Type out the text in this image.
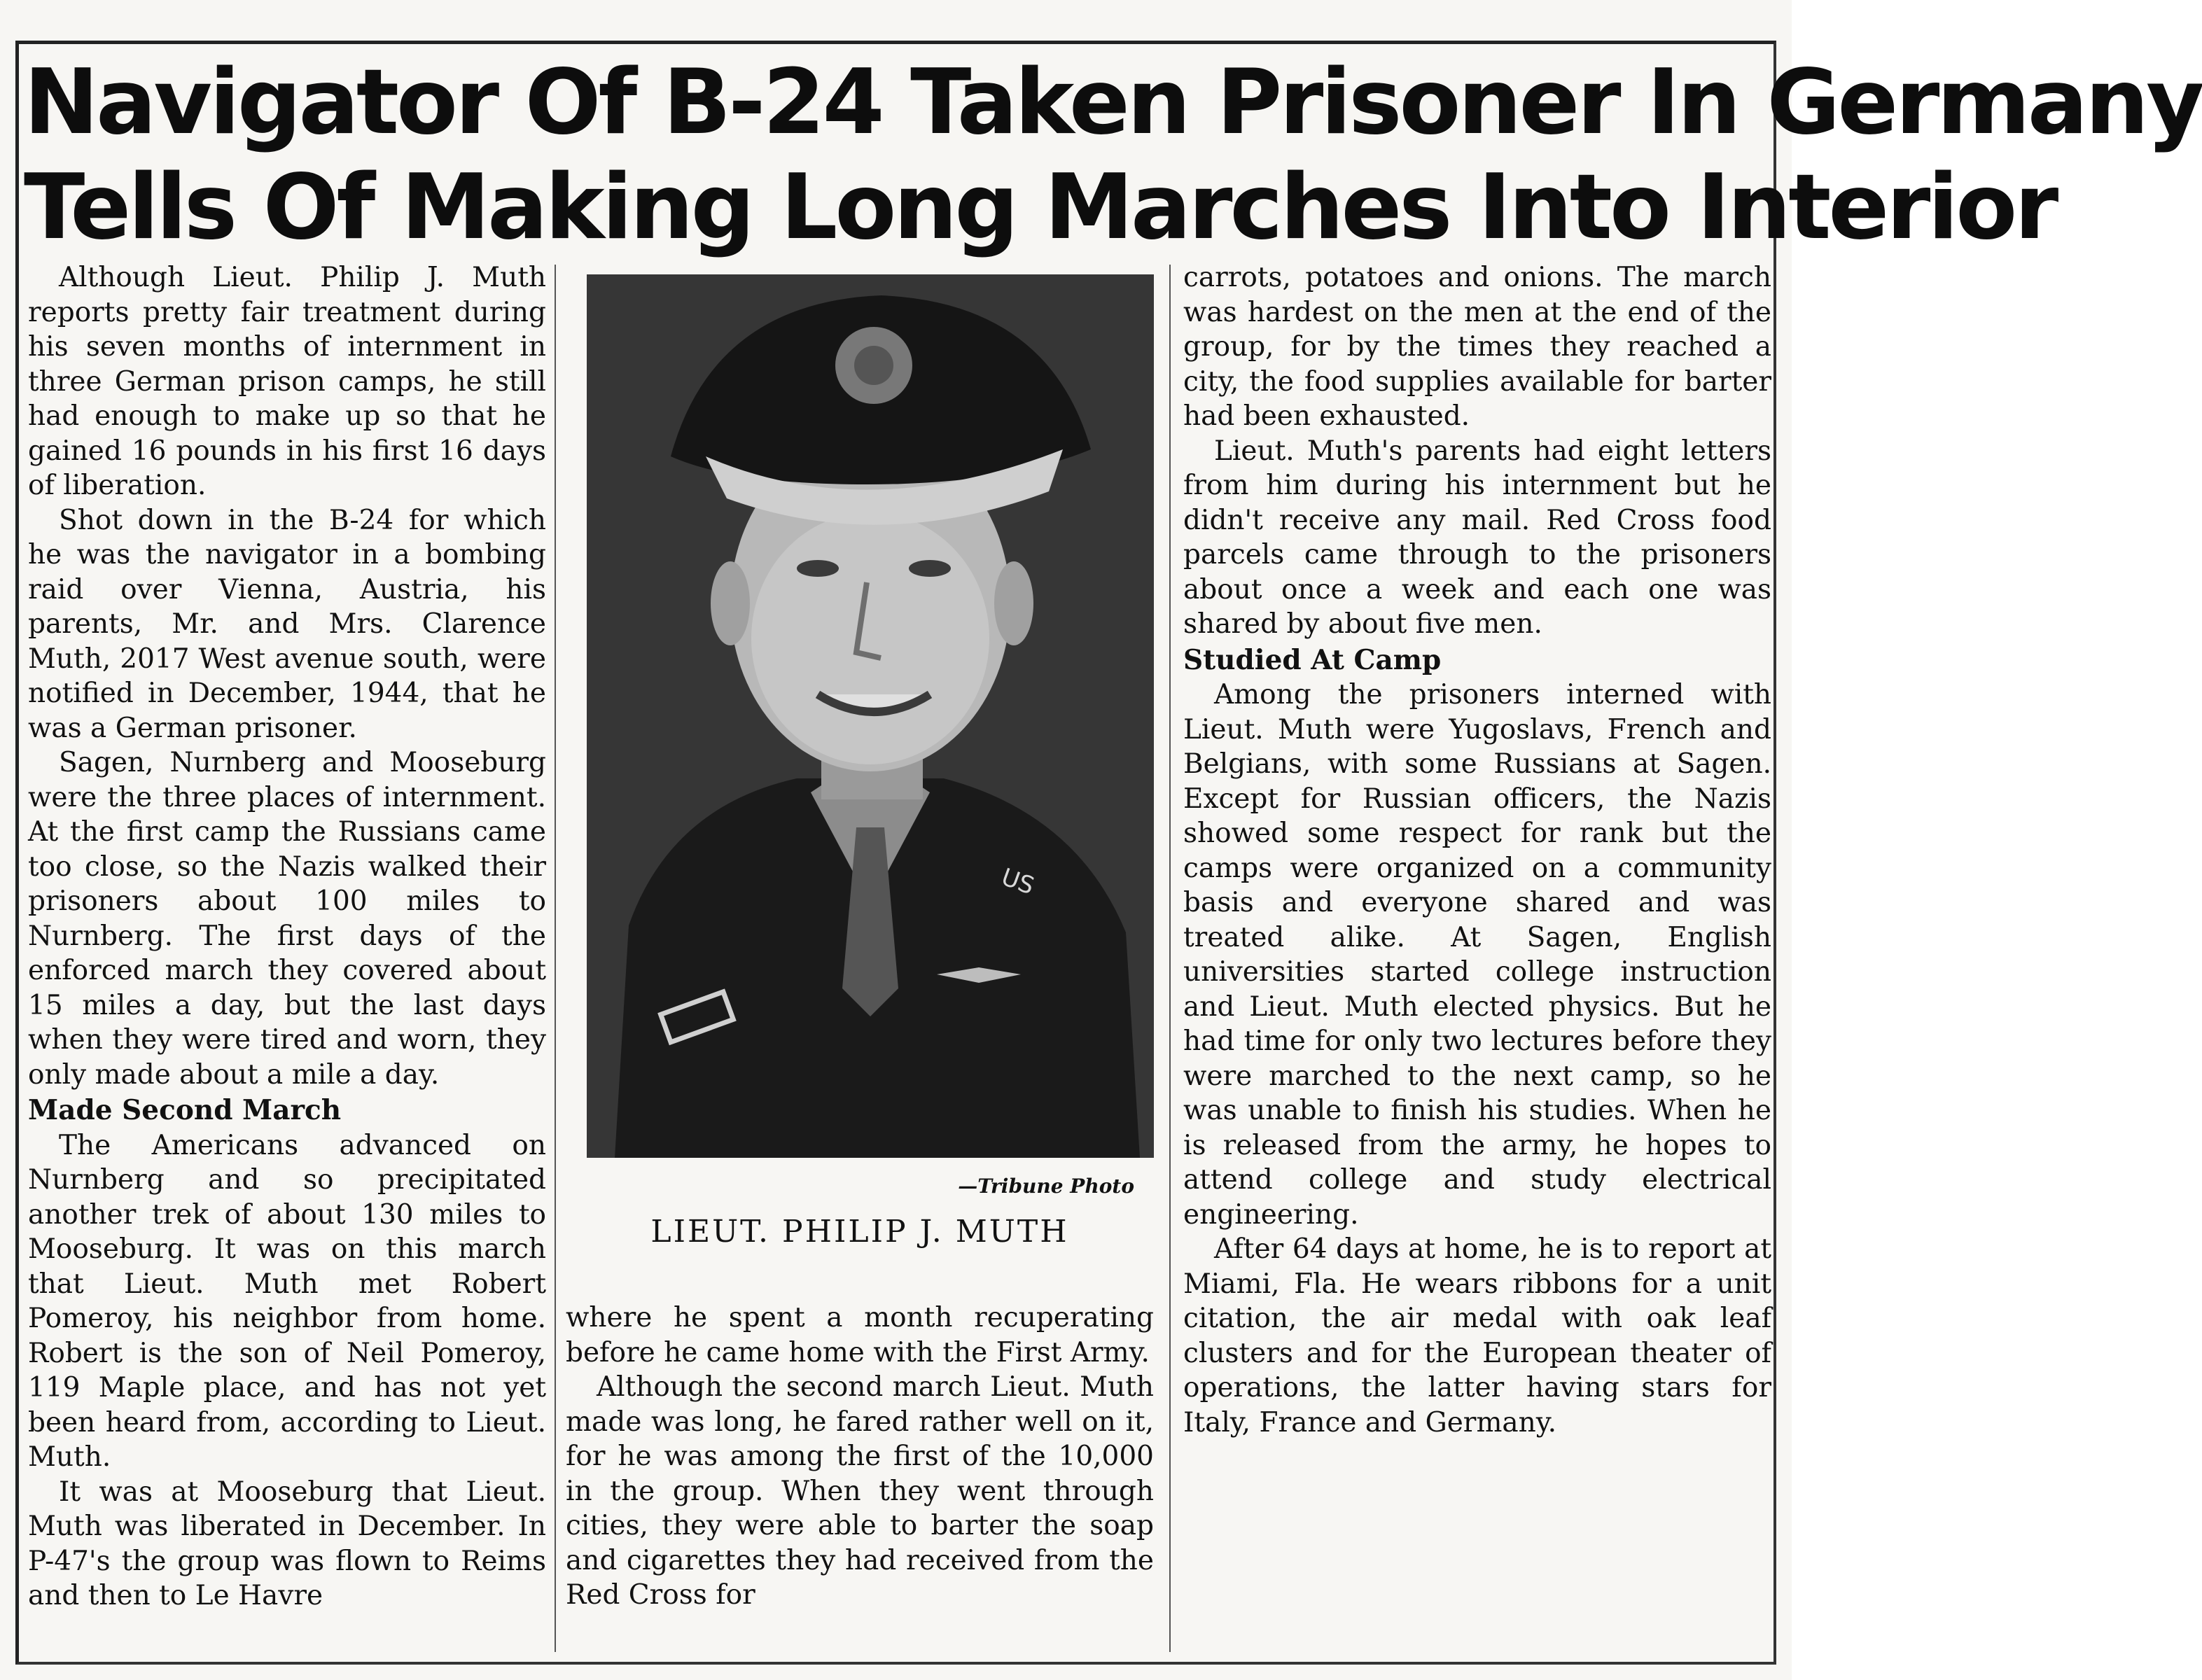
Navigator Of B-24 Taken Prisoner In Germany
Tells Of Making Long Marches Into Interior

Although Lieut. Philip J. Muth reports pretty fair treatment during his seven months of internment in three German prison camps, he still had enough to make up so that he gained 16 pounds in his first 16 days of liberation.

Shot down in the B-24 for which he was the navigator in a bombing raid over Vienna, Austria, his parents, Mr. and Mrs. Clarence Muth, 2017 West avenue south, were notified in December, 1944, that he was a German prisoner.

Sagen, Nurnberg and Mooseburg were the three places of internment. At the first camp the Russians came too close, so the Nazis walked their prisoners about 100 miles to Nurnberg. The first days of the enforced march they covered about 15 miles a day, but the last days when they were tired and worn, they only made about a mile a day.

Made Second March

The Americans advanced on Nurnberg and so precipitated another trek of about 130 miles to Mooseburg. It was on this march that Lieut. Muth met Robert Pomeroy, his neighbor from home. Robert is the son of Neil Pomeroy, 119 Maple place, and has not yet been heard from, according to Lieut. Muth.

It was at Mooseburg that Lieut. Muth was liberated in December. In P-47's the group was flown to Reims and then to Le Havre

US
—Tribune Photo
LIEUT. PHILIP J. MUTH

where he spent a month recuperating before he came home with the First Army.

Although the second march Lieut. Muth made was long, he fared rather well on it, for he was among the first of the 10,000 in the group. When they went through cities, they were able to barter the soap and cigarettes they had received from the Red Cross for

carrots, potatoes and onions. The march was hardest on the men at the end of the group, for by the times they reached a city, the food supplies available for barter had been exhausted.

Lieut. Muth's parents had eight letters from him during his internment but he didn't receive any mail. Red Cross food parcels came through to the prisoners about once a week and each one was shared by about five men.

Studied At Camp

Among the prisoners interned with Lieut. Muth were Yugoslavs, French and Belgians, with some Russians at Sagen. Except for Russian officers, the Nazis showed some respect for rank but the camps were organized on a community basis and everyone shared and was treated alike. At Sagen, English universities started college instruction and Lieut. Muth elected physics. But he had time for only two lectures before they were marched to the next camp, so he was unable to finish his studies. When he is released from the army, he hopes to attend college and study electrical engineering.

After 64 days at home, he is to report at Miami, Fla. He wears ribbons for a unit citation, the air medal with oak leaf clusters and for the European theater of operations, the latter having stars for Italy, France and Germany.
